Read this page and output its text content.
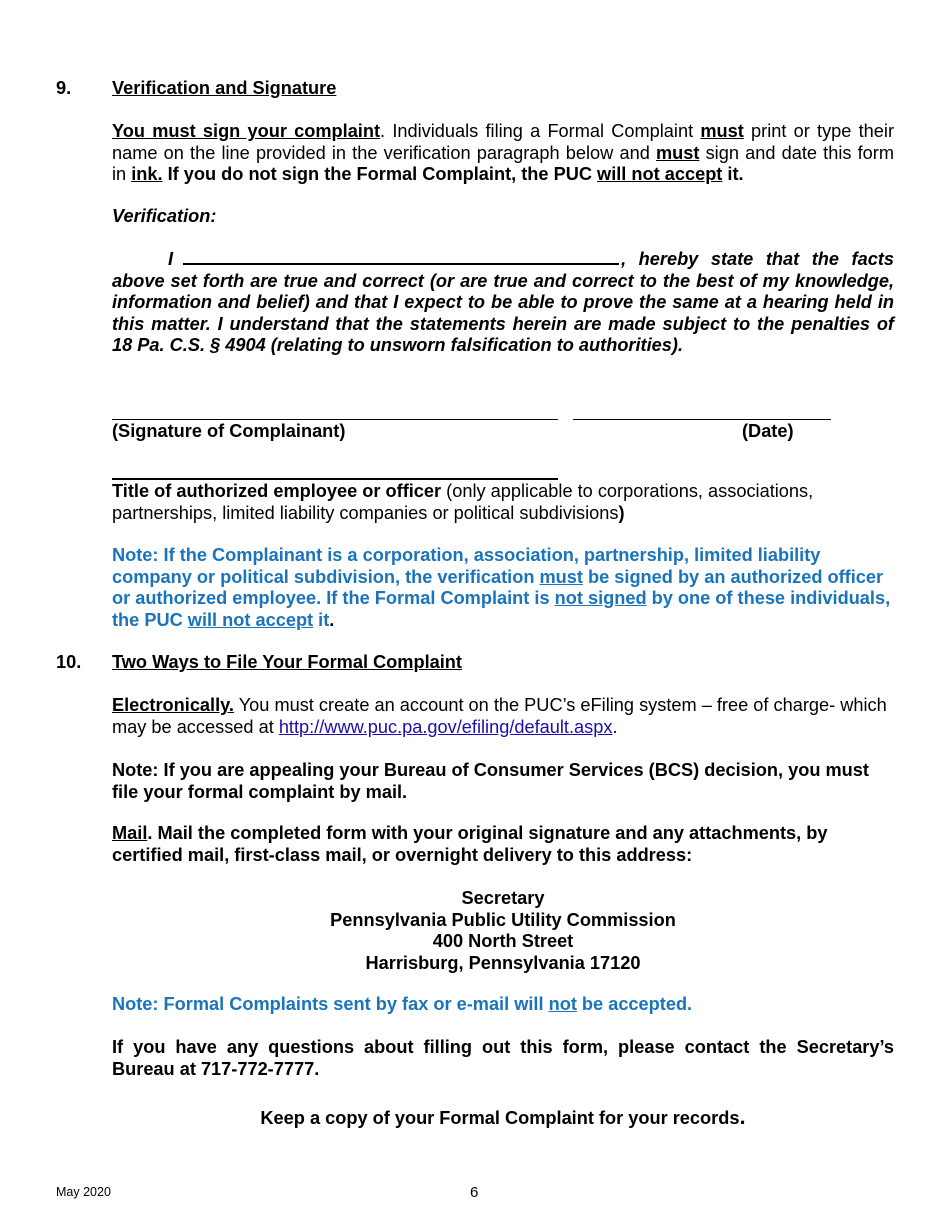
9. Verification and Signature
You must sign your complaint. Individuals filing a Formal Complaint must print or type their name on the line provided in the verification paragraph below and must sign and date this form in ink. If you do not sign the Formal Complaint, the PUC will not accept it.
Verification:
I	, hereby state that the facts above set forth are true and correct (or are true and correct to the best of my knowledge, information and belief) and that I expect to be able to prove the same at a hearing held in this matter. I understand that the statements herein are made subject to the penalties of 18 Pa. C.S. § 4904 (relating to unsworn falsification to authorities).
(Signature of Complainant)	(Date)
Title of authorized employee or officer (only applicable to corporations, associations, partnerships, limited liability companies or political subdivisions)
Note: If the Complainant is a corporation, association, partnership, limited liability company or political subdivision, the verification must be signed by an authorized officer or authorized employee. If the Formal Complaint is not signed by one of these individuals, the PUC will not accept it.
10. Two Ways to File Your Formal Complaint
Electronically. You must create an account on the PUC’s eFiling system – free of charge- which may be accessed at http://www.puc.pa.gov/efiling/default.aspx.
Note: If you are appealing your Bureau of Consumer Services (BCS) decision, you must file your formal complaint by mail.
Mail. Mail the completed form with your original signature and any attachments, by certified mail, first-class mail, or overnight delivery to this address:
Secretary
Pennsylvania Public Utility Commission
400 North Street
Harrisburg, Pennsylvania 17120
Note: Formal Complaints sent by fax or e-mail will not be accepted.
If you have any questions about filling out this form, please contact the Secretary’s Bureau at 717-772-7777.
Keep a copy of your Formal Complaint for your records.
May 2020	6
